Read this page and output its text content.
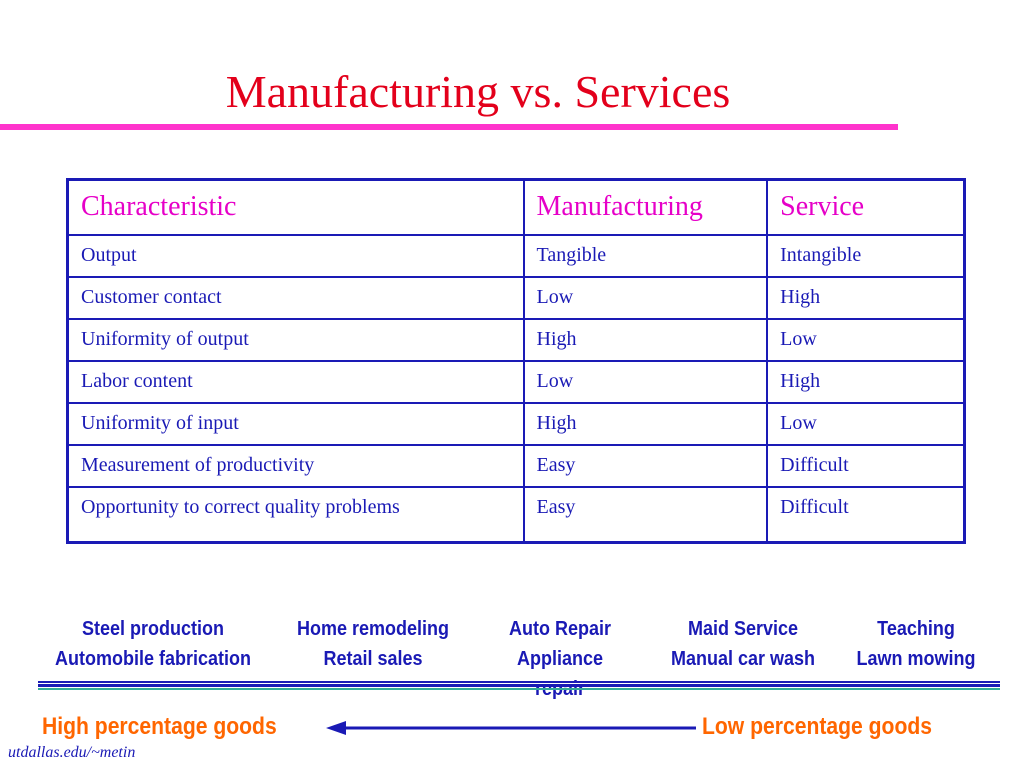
Manufacturing vs. Services
Characteristic	Manufacturing	Service
Output	Tangible	Intangible
Customer contact	Low	High
Uniformity of output	High	Low
Labor content	Low	High
Uniformity of input	High	Low
Measurement of productivity	Easy	Difficult
Opportunity to correct quality problems	Easy	Difficult
Steel production
Automobile fabrication
Home remodeling
Retail sales
Auto Repair
Appliance
Maid Service
Manual car wash
Teaching
Lawn mowing
High percentage goods	Low percentage goods
utdallas.edu/~metin
